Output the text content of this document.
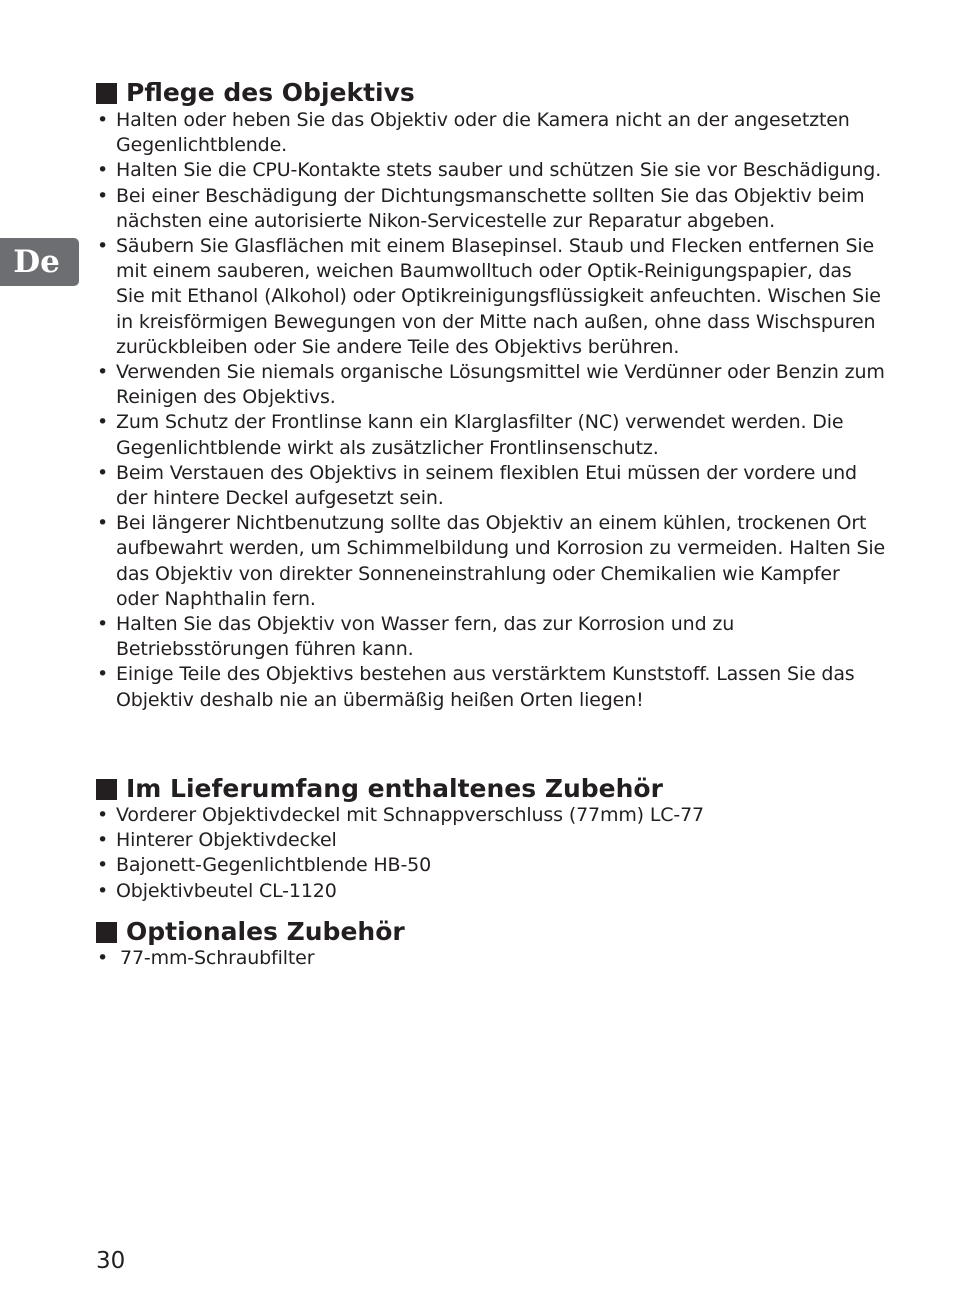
De
Pflege des Objektivs
• Halten oder heben Sie das Objektiv oder die Kamera nicht an der angesetzten Gegenlichtblende.
• Halten Sie die CPU-Kontakte stets sauber und schützen Sie sie vor Beschädigung.
• Bei einer Beschädigung der Dichtungsmanschette sollten Sie das Objektiv beim nächsten eine autorisierte Nikon-Servicestelle zur Reparatur abgeben.
• Säubern Sie Glasflächen mit einem Blasepinsel. Staub und Flecken entfernen Sie mit einem sauberen, weichen Baumwolltuch oder Optik-Reinigungspapier, das Sie mit Ethanol (Alkohol) oder Optikreinigungsflüssigkeit anfeuchten. Wischen Sie in kreisförmigen Bewegungen von der Mitte nach außen, ohne dass Wischspuren zurückbleiben oder Sie andere Teile des Objektivs berühren.
• Verwenden Sie niemals organische Lösungsmittel wie Verdünner oder Benzin zum Reinigen des Objektivs.
• Zum Schutz der Frontlinse kann ein Klarglasfilter (NC) verwendet werden. Die Gegenlichtblende wirkt als zusätzlicher Frontlinsenschutz.
• Beim Verstauen des Objektivs in seinem flexiblen Etui müssen der vordere und der hintere Deckel aufgesetzt sein.
• Bei längerer Nichtbenutzung sollte das Objektiv an einem kühlen, trockenen Ort aufbewahrt werden, um Schimmelbildung und Korrosion zu vermeiden. Halten Sie das Objektiv von direkter Sonneneinstrahlung oder Chemikalien wie Kampfer oder Naphthalin fern.
• Halten Sie das Objektiv von Wasser fern, das zur Korrosion und zu Betriebsstörungen führen kann.
• Einige Teile des Objektivs bestehen aus verstärktem Kunststoff. Lassen Sie das Objektiv deshalb nie an übermäßig heißen Orten liegen!
Im Lieferumfang enthaltenes Zubehör
• Vorderer Objektivdeckel mit Schnappverschluss (77mm) LC-77
• Hinterer Objektivdeckel
• Bajonett-Gegenlichtblende HB-50
• Objektivbeutel CL-1120
Optionales Zubehör
• 77-mm-Schraubfilter
30
